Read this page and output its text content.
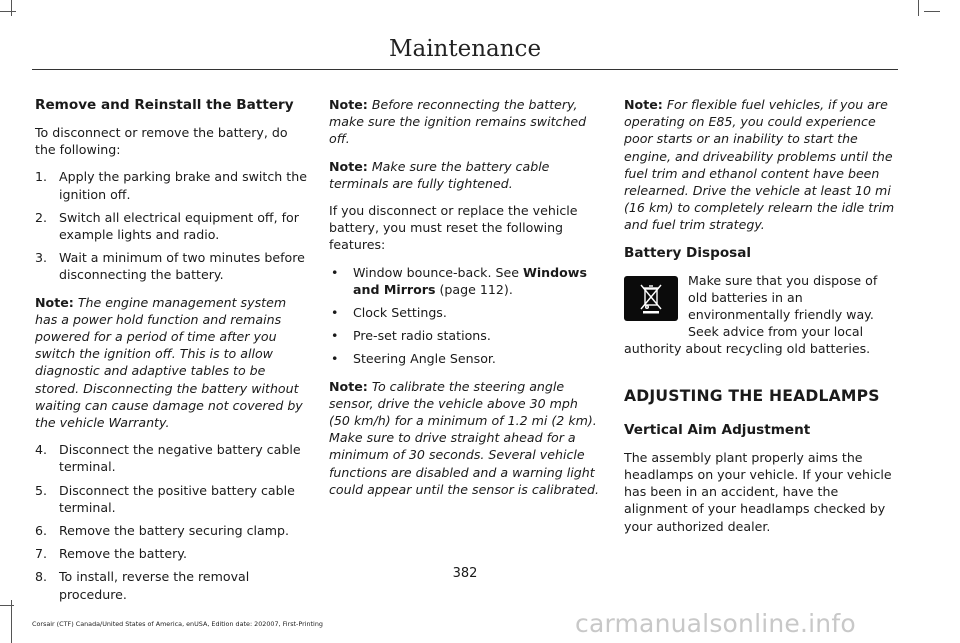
Maintenance
Remove and Reinstall the Battery

To disconnect or remove the battery, do the following:

1. Apply the parking brake and switch the ignition off.
2. Switch all electrical equipment off, for example lights and radio.
3. Wait a minimum of two minutes before disconnecting the battery.

Note: The engine management system has a power hold function and remains powered for a period of time after you switch the ignition off. This is to allow diagnostic and adaptive tables to be stored. Disconnecting the battery without waiting can cause damage not covered by the vehicle Warranty.

4. Disconnect the negative battery cable terminal.
5. Disconnect the positive battery cable terminal.
6. Remove the battery securing clamp.
7. Remove the battery.
8. To install, reverse the removal procedure.

Note: Before reconnecting the battery, make sure the ignition remains switched off.

Note: Make sure the battery cable terminals are fully tightened.

If you disconnect or replace the vehicle battery, you must reset the following features:

• Window bounce-back. See Windows and Mirrors (page 112).
• Clock Settings.
• Pre-set radio stations.
• Steering Angle Sensor.

Note: To calibrate the steering angle sensor, drive the vehicle above 30 mph (50 km/h) for a minimum of 1.2 mi (2 km). Make sure to drive straight ahead for a minimum of 30 seconds. Several vehicle functions are disabled and a warning light could appear until the sensor is calibrated.

Note: For flexible fuel vehicles, if you are operating on E85, you could experience poor starts or an inability to start the engine, and driveability problems until the fuel trim and ethanol content have been relearned. Drive the vehicle at least 10 mi (16 km) to completely relearn the idle trim and fuel trim strategy.

Battery Disposal

Make sure that you dispose of old batteries in an environmentally friendly way. Seek advice from your local authority about recycling old batteries.

ADJUSTING THE HEADLAMPS
Vertical Aim Adjustment

The assembly plant properly aims the headlamps on your vehicle. If your vehicle has been in an accident, have the alignment of your headlamps checked by your authorized dealer.

382
Corsair (CTF) Canada/United States of America, enUSA, Edition date: 202007, First-Printing	carmanualsonline.info
